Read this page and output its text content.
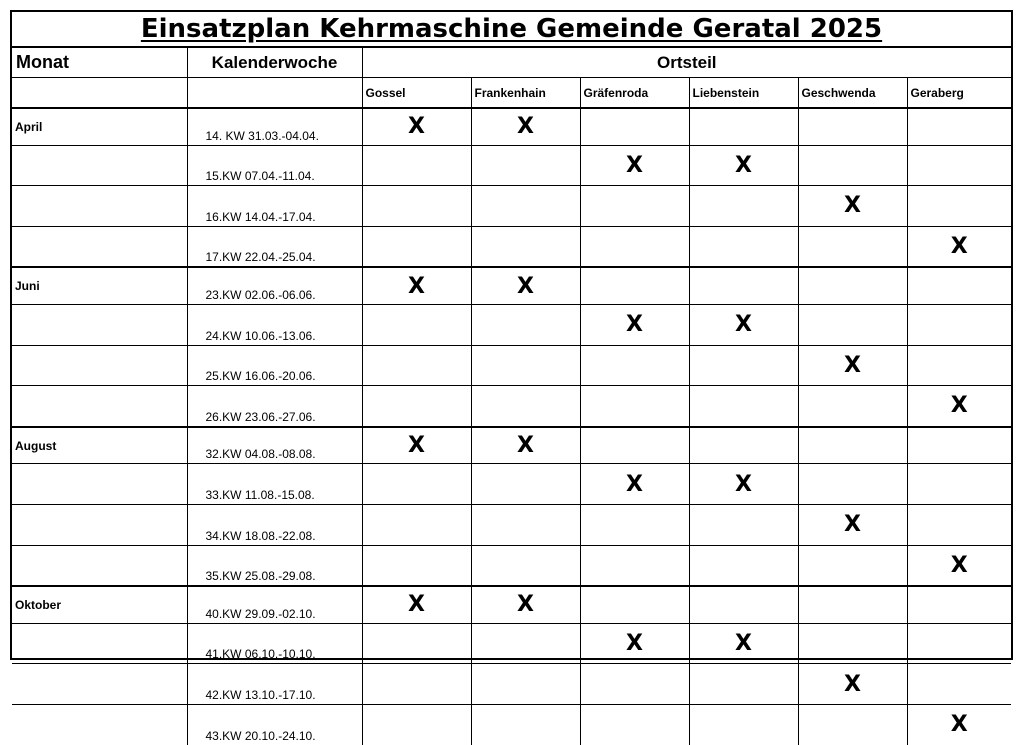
Einsatzplan Kehrmaschine Gemeinde Geratal 2025
Monat	Kalenderwoche	Ortsteil					
		Gossel	Frankenhain	Gräfenroda	Liebenstein	Geschwenda	Geraberg
April	14. KW 31.03.-04.04.	X	X				
	15.KW 07.04.-11.04.			X	X		
	16.KW 14.04.-17.04.					X	
	17.KW 22.04.-25.04.						X
Juni	23.KW 02.06.-06.06.	X	X				
	24.KW 10.06.-13.06.			X	X		
	25.KW 16.06.-20.06.					X	
	26.KW 23.06.-27.06.						X
August	32.KW 04.08.-08.08.	X	X				
	33.KW 11.08.-15.08.			X	X		
	34.KW 18.08.-22.08.					X	
	35.KW 25.08.-29.08.						X
Oktober	40.KW 29.09.-02.10.	X	X				
	41.KW 06.10.-10.10.			X	X		
	42.KW 13.10.-17.10.					X	
	43.KW 20.10.-24.10.						X
